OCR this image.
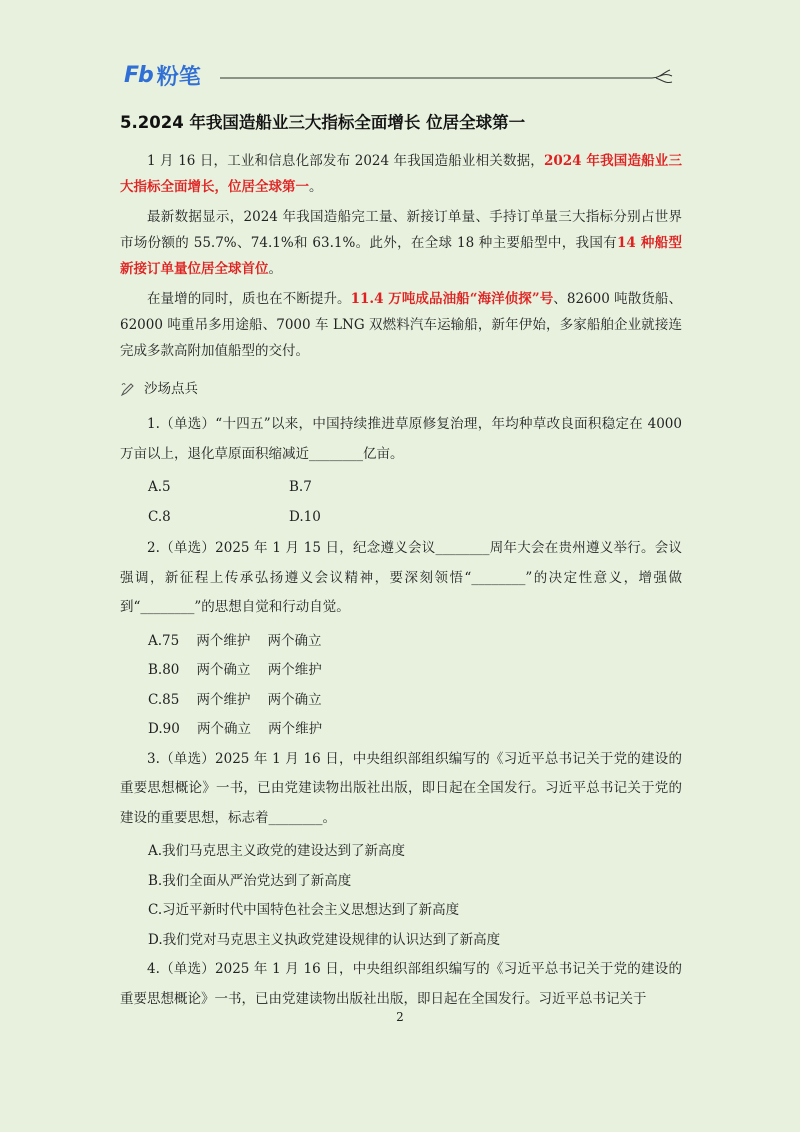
Fb 粉笔
5.2024 年我国造船业三大指标全面增长 位居全球第一

1 月 16 日，工业和信息化部发布 2024 年我国造船业相关数据，2024 年我国造船业三大指标全面增长，位居全球第一。

最新数据显示，2024 年我国造船完工量、新接订单量、手持订单量三大指标分别占世界市场份额的 55.7%、74.1%和 63.1%。此外，在全球 18 种主要船型中，我国有14 种船型新接订单量位居全球首位。

在量增的同时，质也在不断提升。11.4 万吨成品油船“海洋侦探”号、82600 吨散货船、62000 吨重吊多用途船、7000 车 LNG 双燃料汽车运输船，新年伊始，多家船舶企业就接连完成多款高附加值船型的交付。

沙场点兵

1.（单选）“十四五”以来，中国持续推进草原修复治理，年均种草改良面积稳定在 4000 万亩以上，退化草原面积缩减近________亿亩。

A.5	B.7
C.8	D.10

2.（单选）2025 年 1 月 15 日，纪念遵义会议________周年大会在贵州遵义举行。会议强调，新征程上传承弘扬遵义会议精神，要深刻领悟“________”的决定性意义，增强做到“________”的思想自觉和行动自觉。

A.75    两个维护    两个确立
B.80    两个确立    两个维护
C.85    两个维护    两个确立
D.90    两个确立    两个维护

3.（单选）2025 年 1 月 16 日，中央组织部组织编写的《习近平总书记关于党的建设的重要思想概论》一书，已由党建读物出版社出版，即日起在全国发行。习近平总书记关于党的建设的重要思想，标志着________。

A.我们马克思主义政党的建设达到了新高度
B.我们全面从严治党达到了新高度
C.习近平新时代中国特色社会主义思想达到了新高度
D.我们党对马克思主义执政党建设规律的认识达到了新高度

4.（单选）2025 年 1 月 16 日，中央组织部组织编写的《习近平总书记关于党的建设的重要思想概论》一书，已由党建读物出版社出版，即日起在全国发行。习近平总书记关于

2
